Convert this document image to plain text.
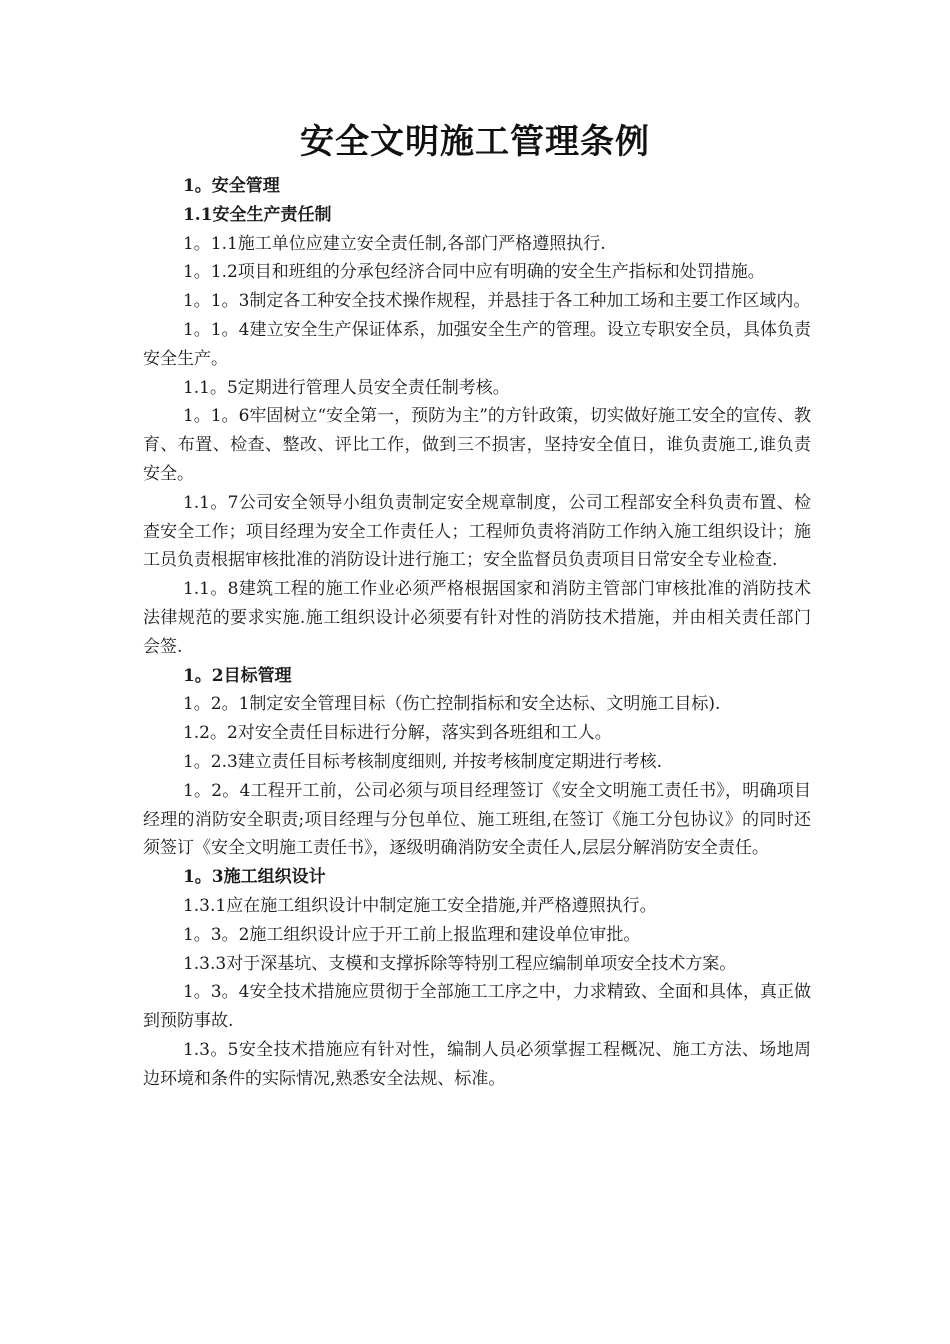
安全文明施工管理条例

1。安全管理

1.1安全生产责任制

1。1.1施工单位应建立安全责任制,各部门严格遵照执行.

1。1.2项目和班组的分承包经济合同中应有明确的安全生产指标和处罚措施。

1。1。3制定各工种安全技术操作规程，并悬挂于各工种加工场和主要工作区域内。

1。1。4建立安全生产保证体系，加强安全生产的管理。设立专职安全员，具体负责安全生产。

1.1。5定期进行管理人员安全责任制考核。

1。1。6牢固树立“安全第一，预防为主”的方针政策，切实做好施工安全的宣传、教育、布置、检查、整改、评比工作，做到三不损害，坚持安全值日，谁负责施工,谁负责安全。

1.1。7公司安全领导小组负责制定安全规章制度，公司工程部安全科负责布置、检查安全工作；项目经理为安全工作责任人；工程师负责将消防工作纳入施工组织设计；施工员负责根据审核批准的消防设计进行施工；安全监督员负责项目日常安全专业检查.

1.1。8建筑工程的施工作业必须严格根据国家和消防主管部门审核批准的消防技术法律规范的要求实施.施工组织设计必须要有针对性的消防技术措施，并由相关责任部门会签.

1。2目标管理

1。2。1制定安全管理目标（伤亡控制指标和安全达标、文明施工目标).

1.2。2对安全责任目标进行分解，落实到各班组和工人。

1。2.3建立责任目标考核制度细则, 并按考核制度定期进行考核.

1。2。4工程开工前，公司必须与项目经理签订《安全文明施工责任书》，明确项目经理的消防安全职责;项目经理与分包单位、施工班组,在签订《施工分包协议》的同时还须签订《安全文明施工责任书》，逐级明确消防安全责任人,层层分解消防安全责任。

1。3施工组织设计

1.3.1应在施工组织设计中制定施工安全措施,并严格遵照执行。

1。3。2施工组织设计应于开工前上报监理和建设单位审批。

1.3.3对于深基坑、支模和支撑拆除等特别工程应编制单项安全技术方案。

1。3。4安全技术措施应贯彻于全部施工工序之中，力求精致、全面和具体，真正做到预防事故.

1.3。5安全技术措施应有针对性，编制人员必须掌握工程概况、施工方法、场地周边环境和条件的实际情况,熟悉安全法规、标准。
